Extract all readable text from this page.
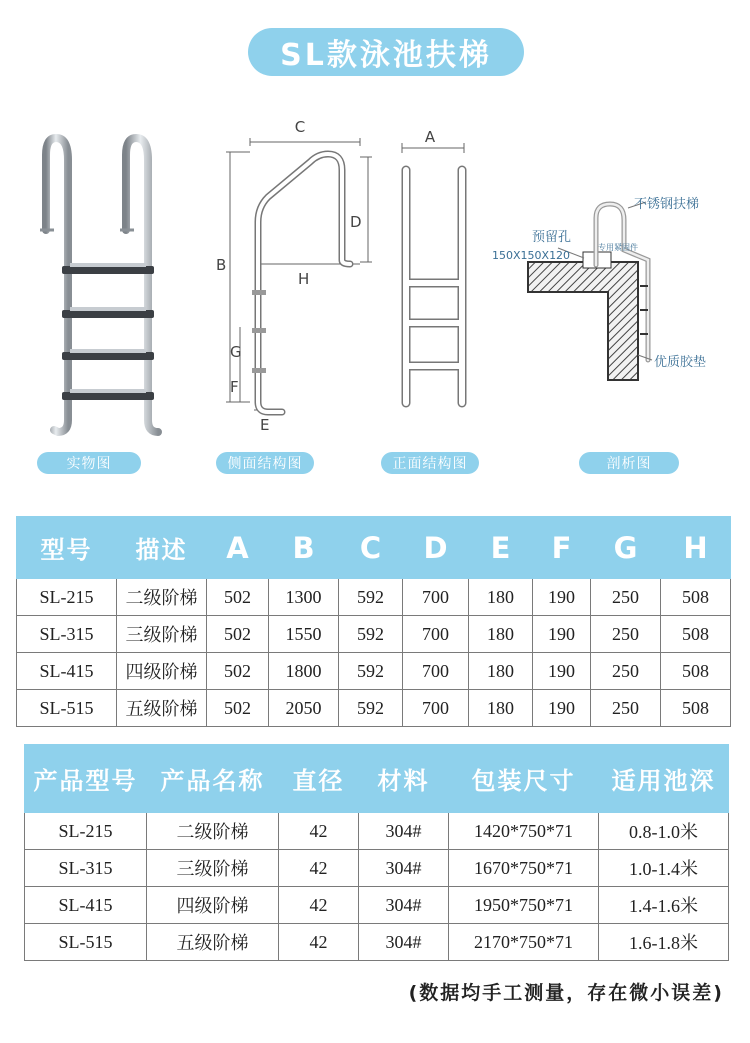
SL款泳池扶梯
实物图
C
B
D
H
G
F
E
侧面结构图
A
正面结构图
不锈钢扶梯
预留孔
150X150X120
专用紧固件
优质胶垫
剖析图
型号	描述	A	B	C	D	E	F	G	H
SL-215	二级阶梯	502	1300	592	700	180	190	250	508
SL-315	三级阶梯	502	1550	592	700	180	190	250	508
SL-415	四级阶梯	502	1800	592	700	180	190	250	508
SL-515	五级阶梯	502	2050	592	700	180	190	250	508
产品型号	产品名称	直径	材料	包装尺寸	适用池深
SL-215	二级阶梯	42	304#	1420*750*71	0.8-1.0米
SL-315	三级阶梯	42	304#	1670*750*71	1.0-1.4米
SL-415	四级阶梯	42	304#	1950*750*71	1.4-1.6米
SL-515	五级阶梯	42	304#	2170*750*71	1.6-1.8米
(数据均手工测量，存在微小误差)
